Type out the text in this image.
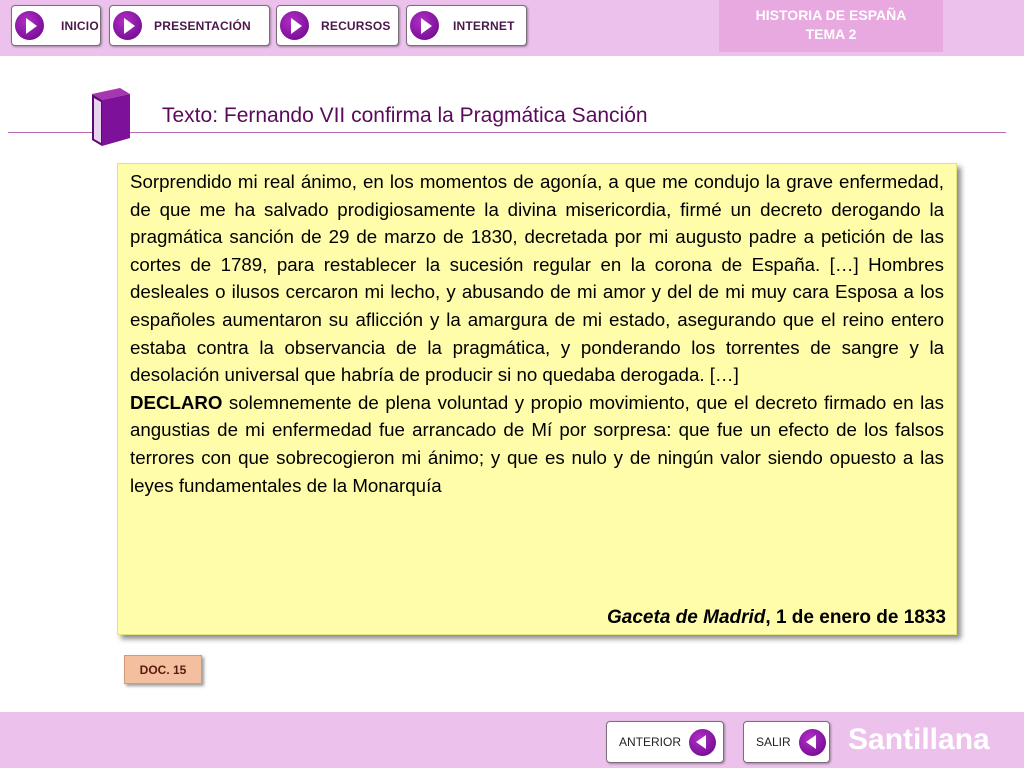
INICIO	PRESENTACIÓN	RECURSOS	INTERNET
HISTORIA DE ESPAÑA
TEMA 2
Texto: Fernando VII confirma la Pragmática Sanción

Sorprendido mi real ánimo, en los momentos de agonía, a que me condujo la grave enfermedad, de que me ha salvado prodigiosamente la divina misericordia, firmé un decreto derogando la pragmática sanción de 29 de marzo de 1830, decretada por mi augusto padre a petición de las cortes de 1789, para restablecer la sucesión regular en la corona de España. […] Hombres desleales o ilusos cercaron mi lecho, y abusando de mi amor y del de mi muy cara Esposa a los españoles aumentaron su aflicción y la amargura de mi estado, asegurando que el reino entero estaba contra la observancia de la pragmática, y ponderando los torrentes de sangre y la desolación universal que habría de producir si no quedaba derogada. […]
DECLARO solemnemente de plena voluntad y propio movimiento, que el decreto firmado en las angustias de mi enfermedad fue arrancado de Mí por sorpresa: que fue un efecto de los falsos terrores con que sobrecogieron mi ánimo; y que es nulo y de ningún valor siendo opuesto a las leyes fundamentales de la Monarquía

Gaceta de Madrid, 1 de enero de 1833
DOC. 15
ANTERIOR	SALIR Santillana
